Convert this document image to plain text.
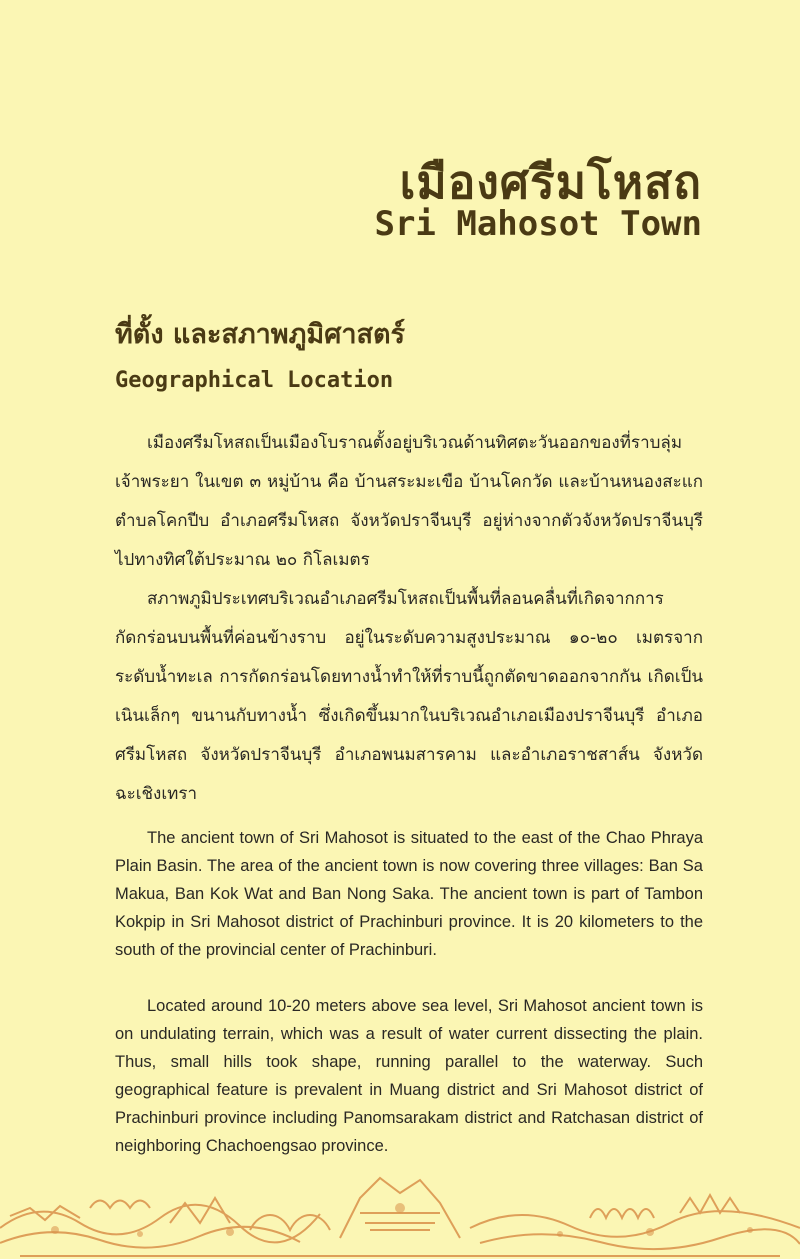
เมืองศรีมโหสถ
Sri Mahosot Town
ที่ตั้ง และสภาพภูมิศาสตร์
Geographical Location

เมืองศรีมโหสถเป็นเมืองโบราณตั้งอยู่บริเวณด้านทิศตะวันออกของที่ราบลุ่มเจ้าพระยา ในเขต ๓ หมู่บ้าน คือ บ้านสระมะเขือ บ้านโคกวัด และบ้านหนองสะแก ตำบลโคกปีบ อำเภอศรีมโหสถ จังหวัดปราจีนบุรี อยู่ห่างจากตัวจังหวัดปราจีนบุรีไปทางทิศใต้ประมาณ ๒๐ กิโลเมตร

สภาพภูมิประเทศบริเวณอำเภอศรีมโหสถเป็นพื้นที่ลอนคลื่นที่เกิดจากการกัดกร่อนบนพื้นที่ค่อนข้างราบ อยู่ในระดับความสูงประมาณ ๑๐-๒๐ เมตรจากระดับน้ำทะเล การกัดกร่อนโดยทางน้ำทำให้ที่ราบนี้ถูกตัดขาดออกจากกัน เกิดเป็นเนินเล็กๆ ขนานกับทางน้ำ ซึ่งเกิดขึ้นมากในบริเวณอำเภอเมืองปราจีนบุรี อำเภอศรีมโหสถ จังหวัดปราจีนบุรี อำเภอพนมสารคาม และอำเภอราชสาส์น จังหวัดฉะเชิงเทรา

The ancient town of Sri Mahosot is situated to the east of the Chao Phraya Plain Basin. The area of the ancient town is now covering three villages: Ban Sa Makua, Ban Kok Wat and Ban Nong Saka. The ancient town is part of Tambon Kokpip in Sri Mahosot district of Prachinburi province. It is 20 kilometers to the south of the provincial center of Prachinburi.

Located around 10-20 meters above sea level, Sri Mahosot ancient town is on undulating terrain, which was a result of water current dissecting the plain. Thus, small hills took shape, running parallel to the waterway. Such geographical feature is prevalent in Muang district and Sri Mahosot district of Prachinburi province including Panomsarakam district and Ratchasan district of neighboring Chachoengsao province.
